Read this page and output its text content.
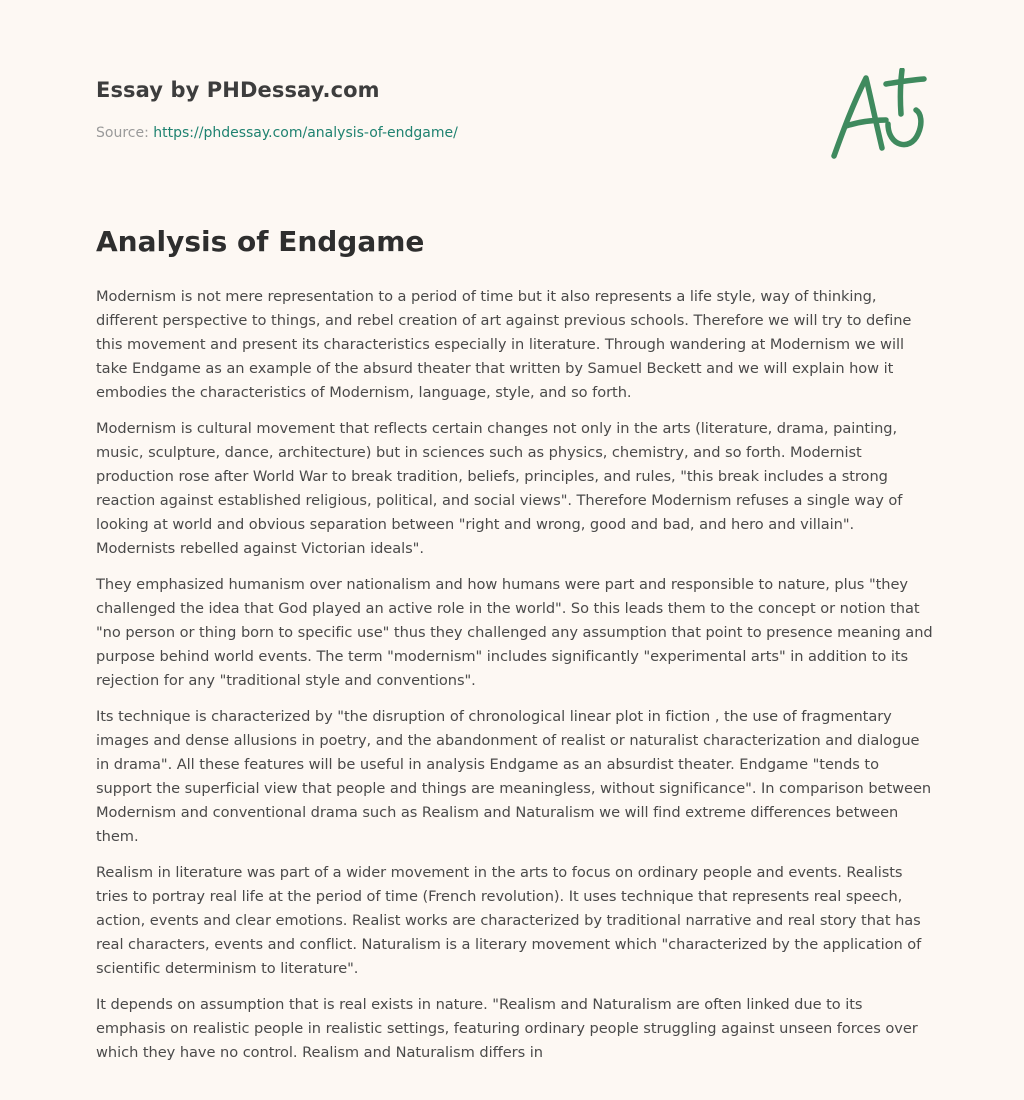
Essay by PHDessay.com
Source: https://phdessay.com/analysis-of-endgame/
Analysis of Endgame

Modernism is not mere representation to a period of time but it also represents a life style, way of thinking, different perspective to things, and rebel creation of art against previous schools. Therefore we will try to define this movement and present its characteristics especially in literature. Through wandering at Modernism we will take Endgame as an example of the absurd theater that written by Samuel Beckett and we will explain how it embodies the characteristics of Modernism, language, style, and so forth.

Modernism is cultural movement that reflects certain changes not only in the arts (literature, drama, painting, music, sculpture, dance, architecture) but in sciences such as physics, chemistry, and so forth. Modernist production rose after World War to break tradition, beliefs, principles, and rules, "this break includes a strong reaction against established religious, political, and social views". Therefore Modernism refuses a single way of looking at world and obvious separation between "right and wrong, good and bad, and hero and villain". Modernists rebelled against Victorian ideals".

They emphasized humanism over nationalism and how humans were part and responsible to nature, plus "they challenged the idea that God played an active role in the world". So this leads them to the concept or notion that "no person or thing born to specific use" thus they challenged any assumption that point to presence meaning and purpose behind world events. The term "modernism" includes significantly "experimental arts" in addition to its rejection for any "traditional style and conventions".

Its technique is characterized by "the disruption of chronological linear plot in fiction , the use of fragmentary images and dense allusions in poetry, and the abandonment of realist or naturalist characterization and dialogue in drama". All these features will be useful in analysis Endgame as an absurdist theater. Endgame "tends to support the superficial view that people and things are meaningless, without significance". In comparison between Modernism and conventional drama such as Realism and Naturalism we will find extreme differences between them.

Realism in literature was part of a wider movement in the arts to focus on ordinary people and events. Realists tries to portray real life at the period of time (French revolution). It uses technique that represents real speech, action, events and clear emotions. Realist works are characterized by traditional narrative and real story that has real characters, events and conflict. Naturalism is a literary movement which "characterized by the application of scientific determinism to literature".

It depends on assumption that is real exists in nature. "Realism and Naturalism are often linked due to its emphasis on realistic people in realistic settings, featuring ordinary people struggling against unseen forces over which they have no control. Realism and Naturalism differs in
